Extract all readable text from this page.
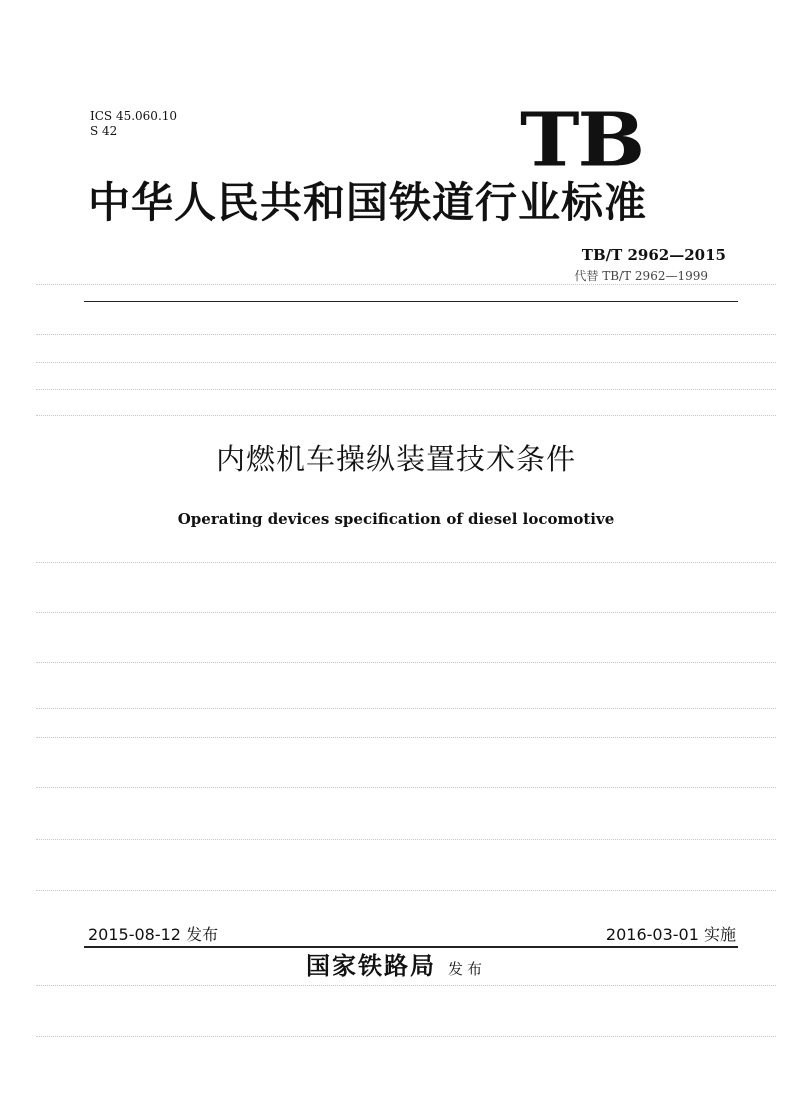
ICS 45.060.10
S 42	TB
中华人民共和国铁道行业标准
TB/T 2962—2015
代替 TB/T 2962—1999
内燃机车操纵装置技术条件
Operating devices specification of diesel locomotive
2015-08-12 发布	2016-03-01 实施
国家铁路局 发布
